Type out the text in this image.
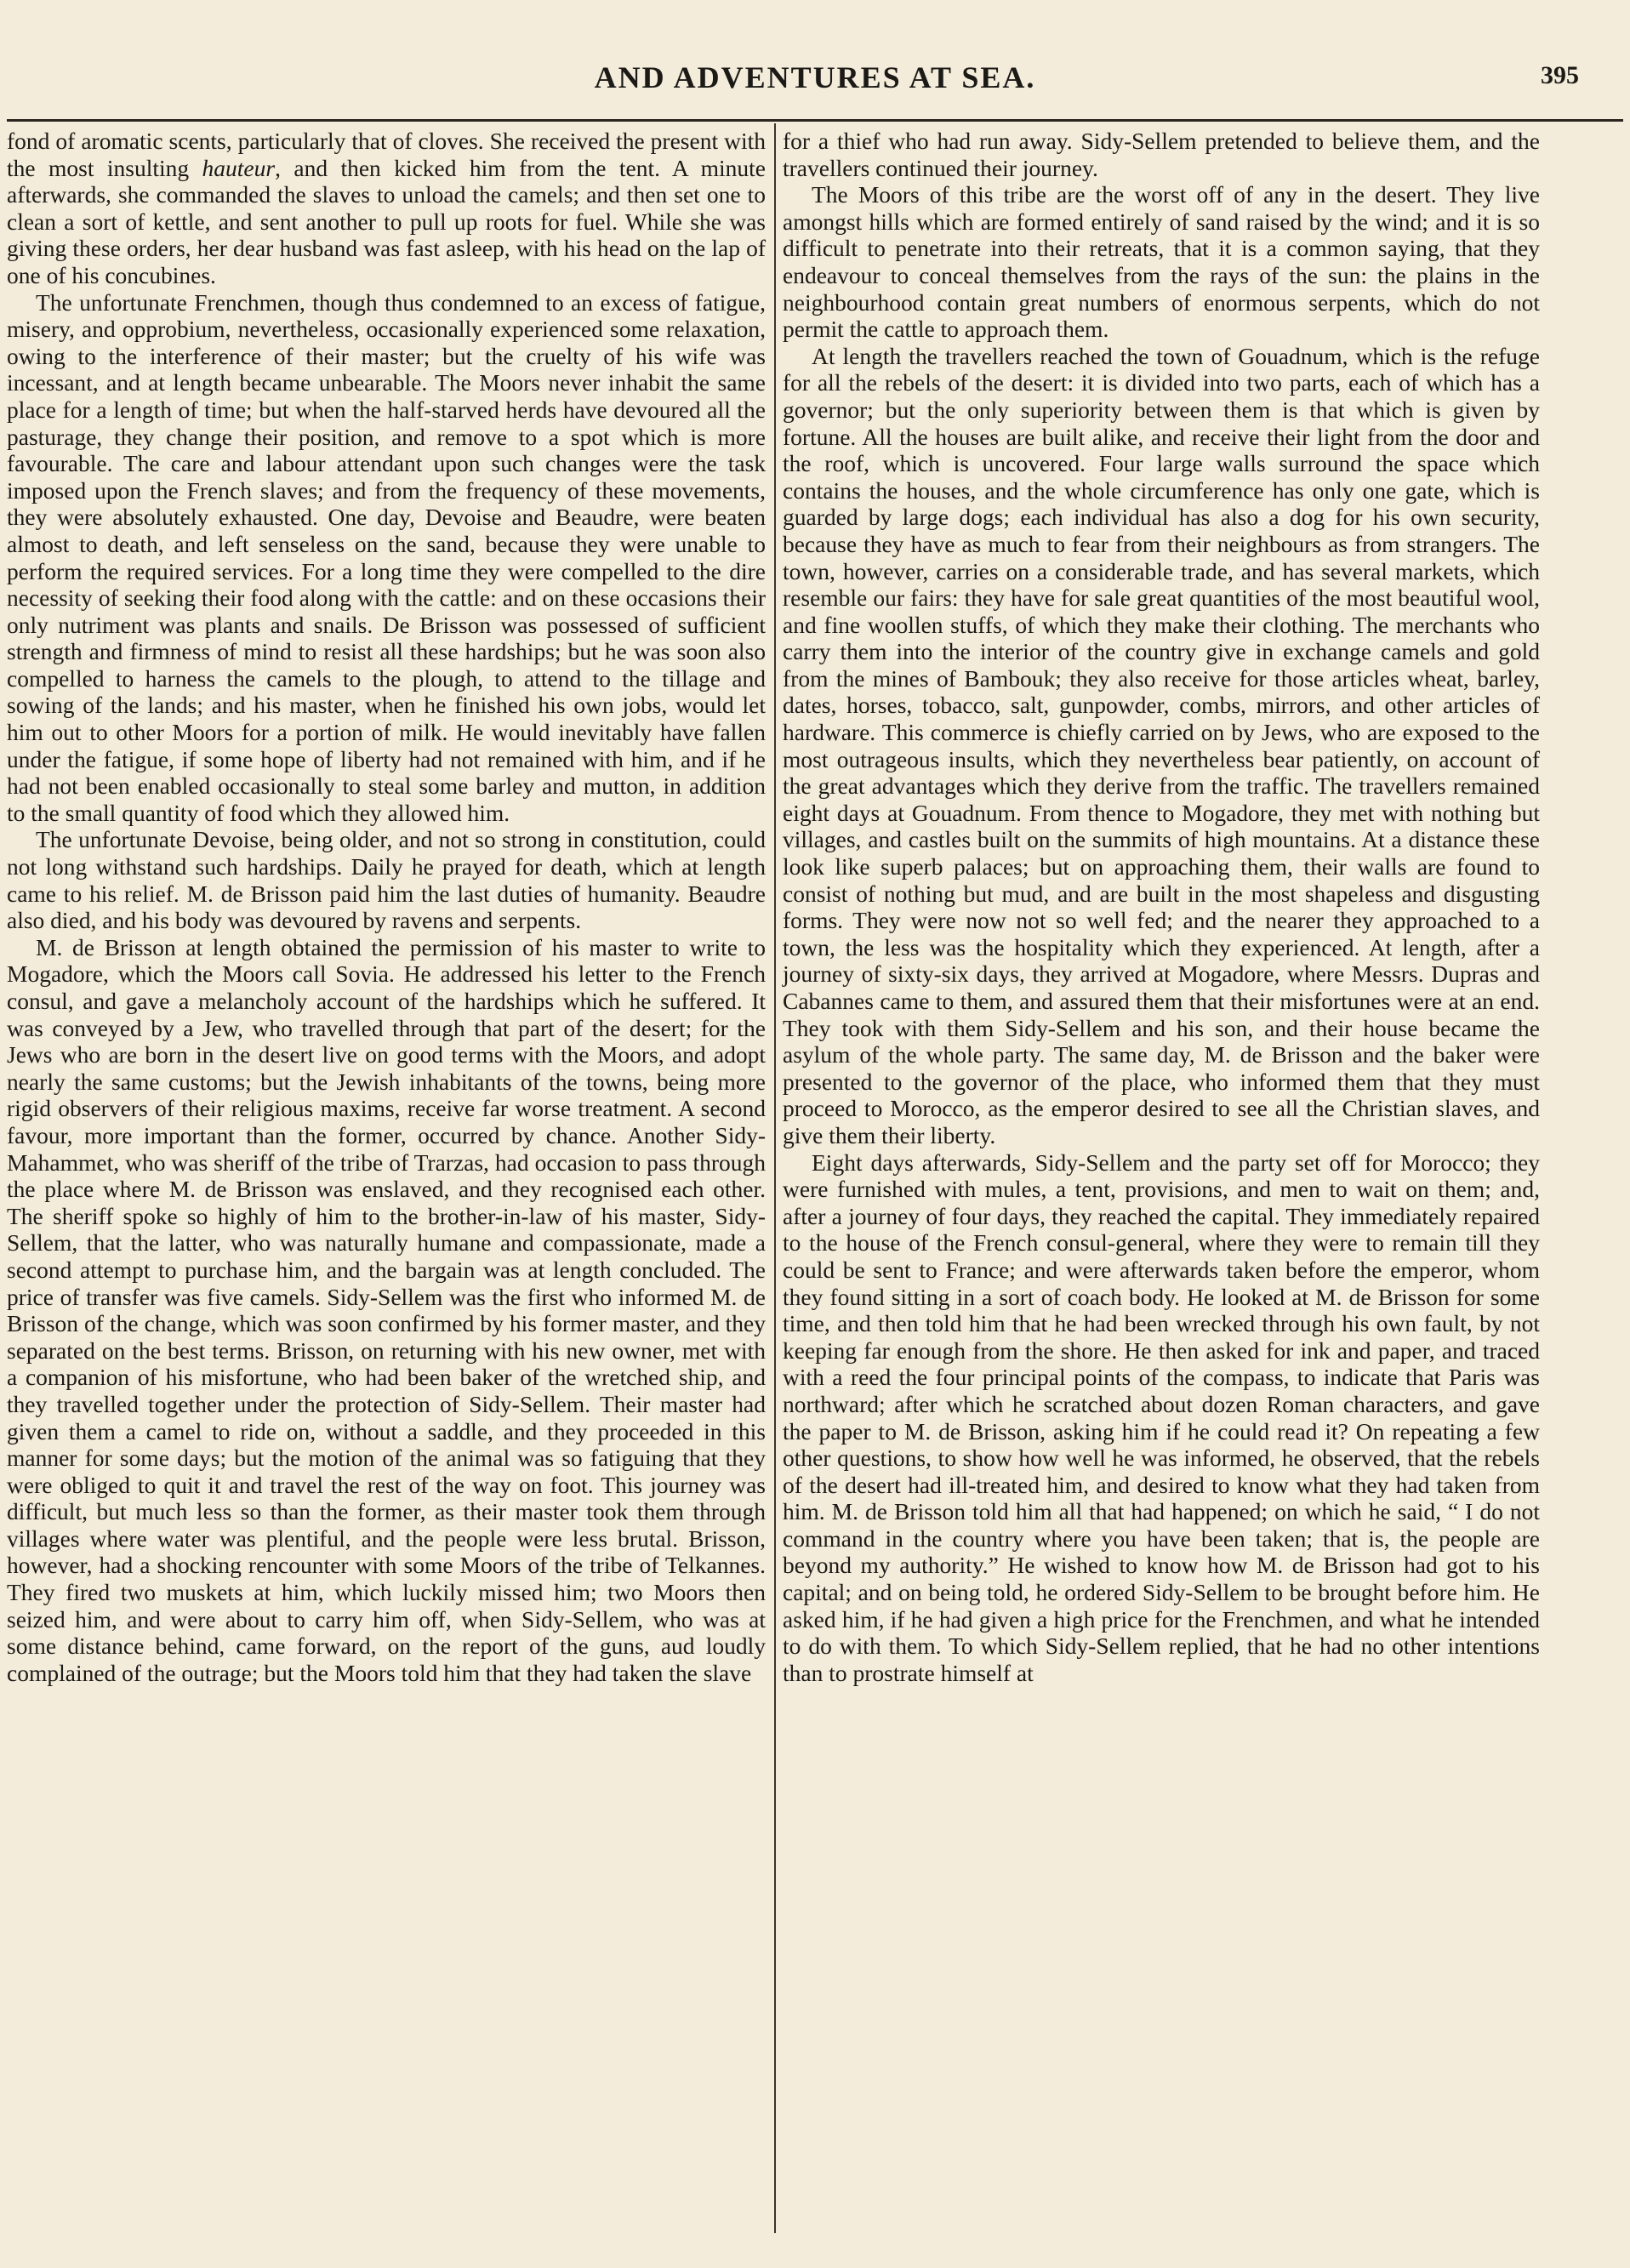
AND ADVENTURES AT SEA.	395

fond of aromatic scents, particularly that of cloves. She received the present with the most insulting hauteur, and then kicked him from the tent. A minute afterwards, she commanded the slaves to unload the camels; and then set one to clean a sort of kettle, and sent another to pull up roots for fuel. While she was giving these orders, her dear husband was fast asleep, with his head on the lap of one of his concubines.

The unfortunate Frenchmen, though thus condemned to an excess of fatigue, misery, and opprobium, nevertheless, occasionally experienced some relaxation, owing to the interference of their master; but the cruelty of his wife was incessant, and at length became unbearable. The Moors never inhabit the same place for a length of time; but when the half-starved herds have devoured all the pasturage, they change their position, and remove to a spot which is more favourable. The care and labour attendant upon such changes were the task imposed upon the French slaves; and from the frequency of these movements, they were absolutely exhausted. One day, Devoise and Beaudre, were beaten almost to death, and left senseless on the sand, because they were unable to perform the required services. For a long time they were compelled to the dire necessity of seeking their food along with the cattle: and on these occasions their only nutriment was plants and snails. De Brisson was possessed of sufficient strength and firmness of mind to resist all these hardships; but he was soon also compelled to harness the camels to the plough, to attend to the tillage and sowing of the lands; and his master, when he finished his own jobs, would let him out to other Moors for a portion of milk. He would inevitably have fallen under the fatigue, if some hope of liberty had not remained with him, and if he had not been enabled occasionally to steal some barley and mutton, in addition to the small quantity of food which they allowed him.

The unfortunate Devoise, being older, and not so strong in constitution, could not long withstand such hardships. Daily he prayed for death, which at length came to his relief. M. de Brisson paid him the last duties of humanity. Beaudre also died, and his body was devoured by ravens and serpents.

M. de Brisson at length obtained the permission of his master to write to Mogadore, which the Moors call Sovia. He addressed his letter to the French consul, and gave a melancholy account of the hardships which he suffered. It was conveyed by a Jew, who travelled through that part of the desert; for the Jews who are born in the desert live on good terms with the Moors, and adopt nearly the same customs; but the Jewish inhabitants of the towns, being more rigid observers of their religious maxims, receive far worse treatment. A second favour, more important than the former, occurred by chance. Another Sidy-Mahammet, who was sheriff of the tribe of Trarzas, had occasion to pass through the place where M. de Brisson was enslaved, and they recognised each other. The sheriff spoke so highly of him to the brother-in-law of his master, Sidy-Sellem, that the latter, who was naturally humane and compassionate, made a second attempt to purchase him, and the bargain was at length concluded. The price of transfer was five camels. Sidy-Sellem was the first who informed M. de Brisson of the change, which was soon confirmed by his former master, and they separated on the best terms. Brisson, on returning with his new owner, met with a companion of his misfortune, who had been baker of the wretched ship, and they travelled together under the protection of Sidy-Sellem. Their master had given them a camel to ride on, without a saddle, and they proceeded in this manner for some days; but the motion of the animal was so fatiguing that they were obliged to quit it and travel the rest of the way on foot. This journey was difficult, but much less so than the former, as their master took them through villages where water was plentiful, and the people were less brutal. Brisson, however, had a shocking rencounter with some Moors of the tribe of Telkannes. They fired two muskets at him, which luckily missed him; two Moors then seized him, and were about to carry him off, when Sidy-Sellem, who was at some distance behind, came forward, on the report of the guns, aud loudly complained of the outrage; but the Moors told him that they had taken the slave

for a thief who had run away. Sidy-Sellem pretended to believe them, and the travellers continued their journey.

The Moors of this tribe are the worst off of any in the desert. They live amongst hills which are formed entirely of sand raised by the wind; and it is so difficult to penetrate into their retreats, that it is a common saying, that they endeavour to conceal themselves from the rays of the sun: the plains in the neighbourhood contain great numbers of enormous serpents, which do not permit the cattle to approach them.

At length the travellers reached the town of Gouadnum, which is the refuge for all the rebels of the desert: it is divided into two parts, each of which has a governor; but the only superiority between them is that which is given by fortune. All the houses are built alike, and receive their light from the door and the roof, which is uncovered. Four large walls surround the space which contains the houses, and the whole circumference has only one gate, which is guarded by large dogs; each individual has also a dog for his own security, because they have as much to fear from their neighbours as from strangers. The town, however, carries on a considerable trade, and has several markets, which resemble our fairs: they have for sale great quantities of the most beautiful wool, and fine woollen stuffs, of which they make their clothing. The merchants who carry them into the interior of the country give in exchange camels and gold from the mines of Bambouk; they also receive for those articles wheat, barley, dates, horses, tobacco, salt, gunpowder, combs, mirrors, and other articles of hardware. This commerce is chiefly carried on by Jews, who are exposed to the most outrageous insults, which they nevertheless bear patiently, on account of the great advantages which they derive from the traffic. The travellers remained eight days at Gouadnum. From thence to Mogadore, they met with nothing but villages, and castles built on the summits of high mountains. At a distance these look like superb palaces; but on approaching them, their walls are found to consist of nothing but mud, and are built in the most shapeless and disgusting forms. They were now not so well fed; and the nearer they approached to a town, the less was the hospitality which they experienced. At length, after a journey of sixty-six days, they arrived at Mogadore, where Messrs. Dupras and Cabannes came to them, and assured them that their misfortunes were at an end. They took with them Sidy-Sellem and his son, and their house became the asylum of the whole party. The same day, M. de Brisson and the baker were presented to the governor of the place, who informed them that they must proceed to Morocco, as the emperor desired to see all the Christian slaves, and give them their liberty.

Eight days afterwards, Sidy-Sellem and the party set off for Morocco; they were furnished with mules, a tent, provisions, and men to wait on them; and, after a journey of four days, they reached the capital. They immediately repaired to the house of the French consul-general, where they were to remain till they could be sent to France; and were afterwards taken before the emperor, whom they found sitting in a sort of coach body. He looked at M. de Brisson for some time, and then told him that he had been wrecked through his own fault, by not keeping far enough from the shore. He then asked for ink and paper, and traced with a reed the four principal points of the compass, to indicate that Paris was northward; after which he scratched about dozen Roman characters, and gave the paper to M. de Brisson, asking him if he could read it? On repeating a few other questions, to show how well he was informed, he observed, that the rebels of the desert had ill-treated him, and desired to know what they had taken from him. M. de Brisson told him all that had happened; on which he said, “ I do not command in the country where you have been taken; that is, the people are beyond my authority.” He wished to know how M. de Brisson had got to his capital; and on being told, he ordered Sidy-Sellem to be brought before him. He asked him, if he had given a high price for the Frenchmen, and what he intended to do with them. To which Sidy-Sellem replied, that he had no other intentions than to prostrate himself at
